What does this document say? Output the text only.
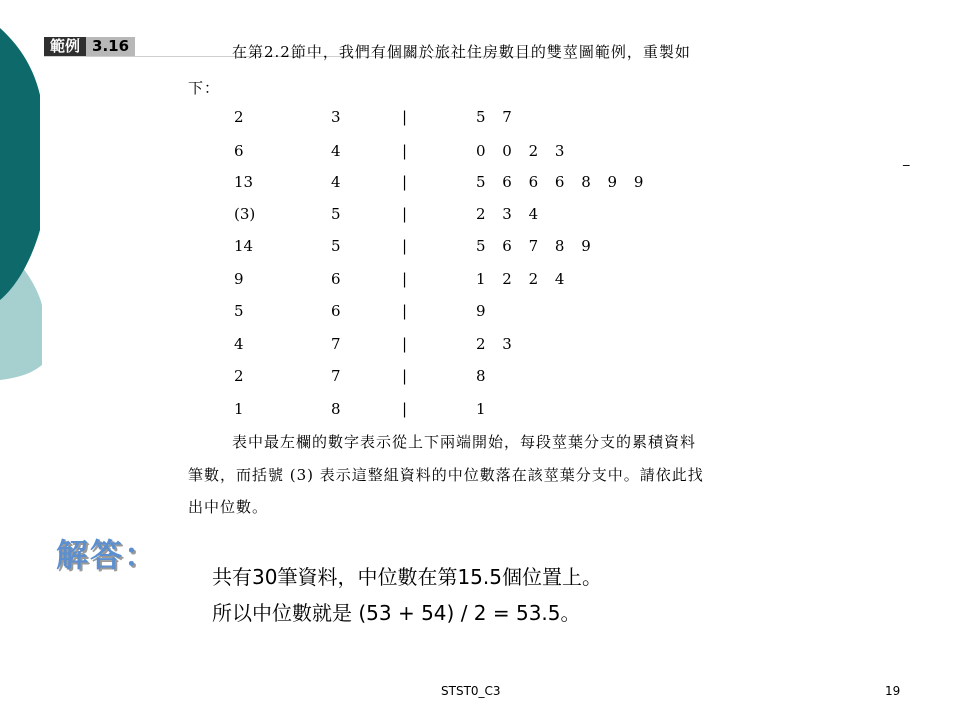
範例 3.16	在第2.2節中，我們有個關於旅社住房數目的雙莖圖範例，重製如
下：
2	3	|	5 7
6	4	|	0 0 2 3
13	4	|	5 6 6 6 8 9 9
(3)	5	|	2 3 4
14	5	|	5 6 7 8 9
9	6	|	1 2 2 4
5	6	|	9
4	7	|	2 3
2	7	|	8
1	8	|	1
表中最左欄的數字表示從上下兩端開始，每段莖葉分支的累積資料
筆數，而括號 (3) 表示這整組資料的中位數落在該莖葉分支中。請依此找
出中位數。
_
解答：
共有30筆資料，中位數在第15.5個位置上。
所以中位數就是 (53 + 54) / 2 = 53.5。
STST0_C3	19
